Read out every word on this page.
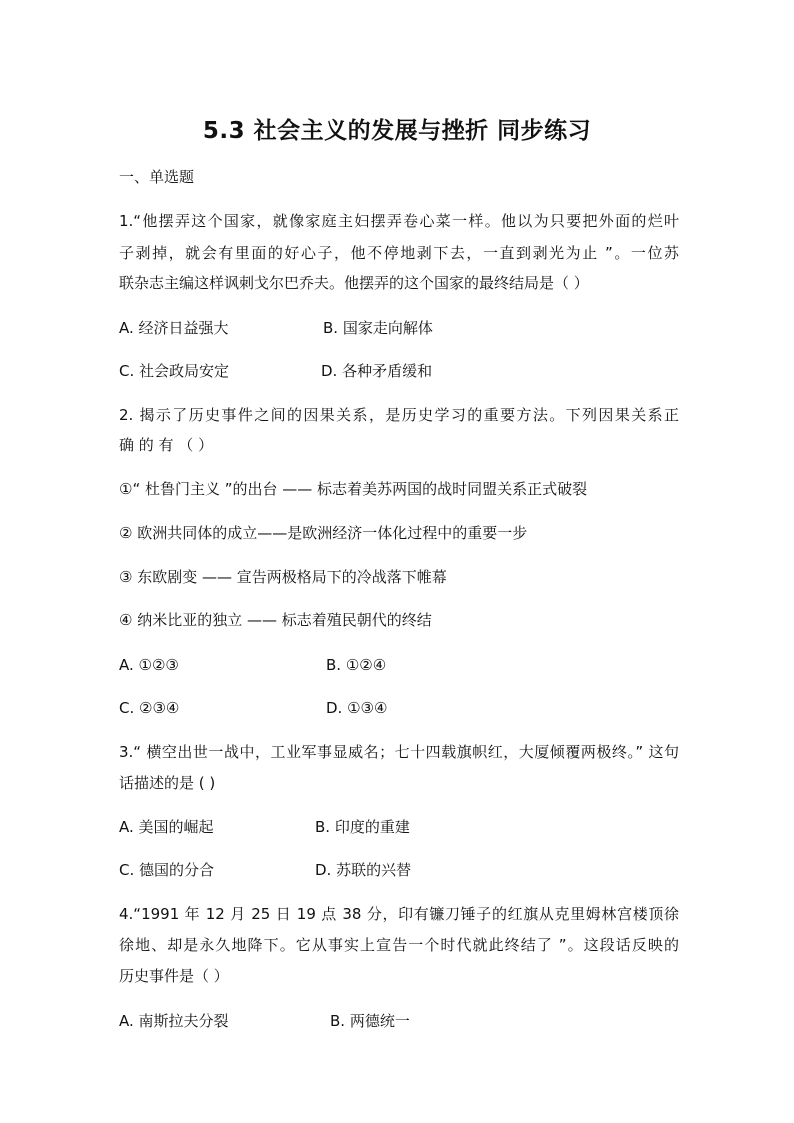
5.3 社会主义的发展与挫折 同步练习
一、单选题
1.“他摆弄这个国家，就像家庭主妇摆弄卷心菜一样。他以为只要把外面的烂叶
子剥掉，就会有里面的好心子，他不停地剥下去，一直到剥光为止 ”。一位苏
联杂志主编这样讽刺戈尔巴乔夫。他摆弄的这个国家的最终结局是（ ）
A. 经济日益强大	B. 国家走向解体
C. 社会政局安定	D. 各种矛盾缓和
2. 揭示了历史事件之间的因果关系，是历史学习的重要方法。下列因果关系正
确 的 有 （ ）
①“ 杜鲁门主义 ”的出台 —— 标志着美苏两国的战时同盟关系正式破裂
② 欧洲共同体的成立——是欧洲经济一体化过程中的重要一步
③ 东欧剧变 —— 宣告两极格局下的冷战落下帷幕
④ 纳米比亚的独立 —— 标志着殖民朝代的终结
A. ①②③	B. ①②④
C. ②③④	D. ①③④
3.“ 横空出世一战中，工业军事显威名；七十四载旗帜红，大厦倾覆两极终。” 这句
话描述的是 ( )
A. 美国的崛起	B. 印度的重建
C. 德国的分合	D. 苏联的兴替
4.“1991 年 12 月 25 日 19 点 38 分，印有镰刀锤子的红旗从克里姆林宫楼顶徐
徐地、却是永久地降下。它从事实上宣告一个时代就此终结了 ”。这段话反映的
历史事件是（ ）
A. 南斯拉夫分裂	B. 两德统一
